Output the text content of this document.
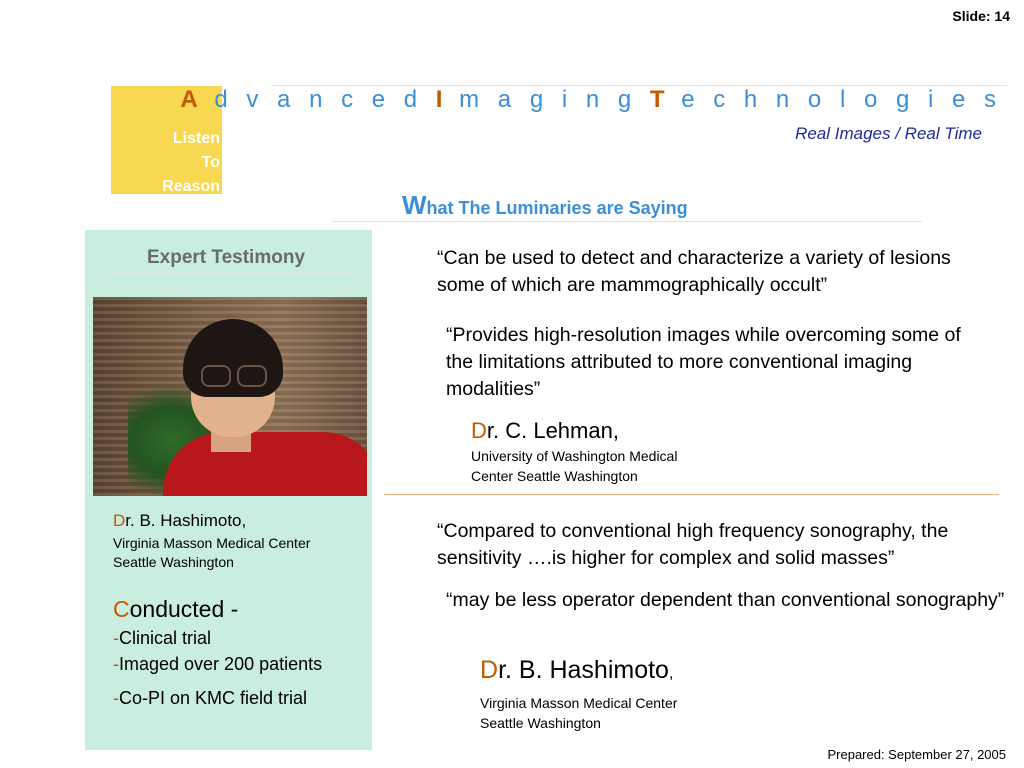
Slide: 14
Listen
To
Reason
A d v a n c e d I m a g i n g T e c h n o l o g i e s
Real Images / Real Time
What The Luminaries are Saying
Expert Testimony
Dr. B. Hashimoto,
Virginia Masson Medical Center
Seattle Washington
Conducted -
-Clinical trial
-Imaged over 200 patients
-Co-PI on KMC field trial
“Can be used to detect and characterize a variety of lesions some of which are mammographically occult”
“Provides high-resolution images while overcoming some of the limitations attributed to more conventional imaging modalities”
Dr. C. Lehman,
University of Washington Medical
Center Seattle Washington
“Compared to conventional high frequency sonography, the sensitivity ….is higher for complex and solid masses”
“may be less operator dependent than conventional sonography”
Dr. B. Hashimoto,
Virginia Masson Medical Center
Seattle Washington
Prepared: September 27, 2005
